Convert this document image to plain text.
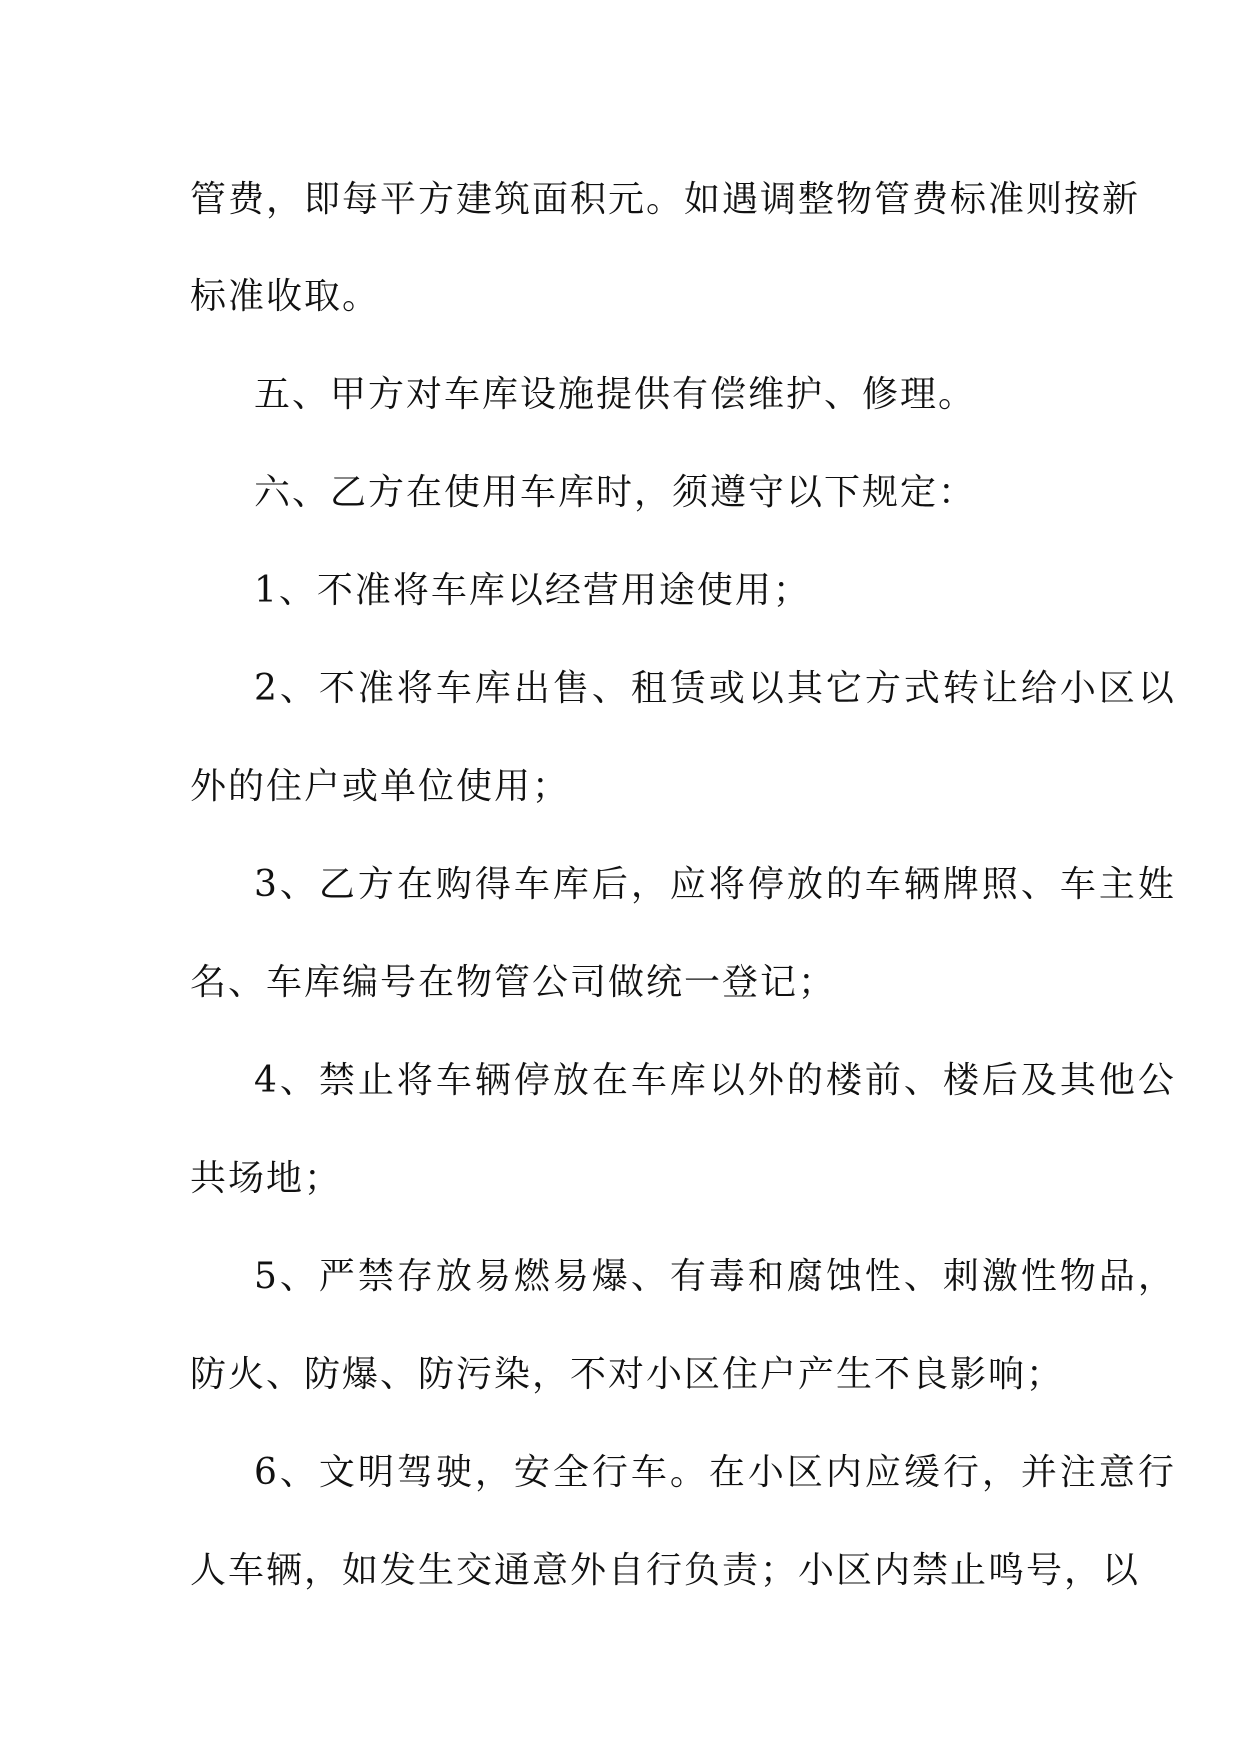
管费，即每平方建筑面积元。如遇调整物管费标准则按新

标准收取。

五、甲方对车库设施提供有偿维护、修理。

六、乙方在使用车库时，须遵守以下规定：

1、不准将车库以经营用途使用；

2、不准将车库出售、租赁或以其它方式转让给小区以

外的住户或单位使用；

3、乙方在购得车库后，应将停放的车辆牌照、车主姓

名、车库编号在物管公司做统一登记；

4、禁止将车辆停放在车库以外的楼前、楼后及其他公

共场地；

5、严禁存放易燃易爆、有毒和腐蚀性、刺激性物品，

防火、防爆、防污染，不对小区住户产生不良影响；

6、文明驾驶，安全行车。在小区内应缓行，并注意行

人车辆，如发生交通意外自行负责；小区内禁止鸣号，以
